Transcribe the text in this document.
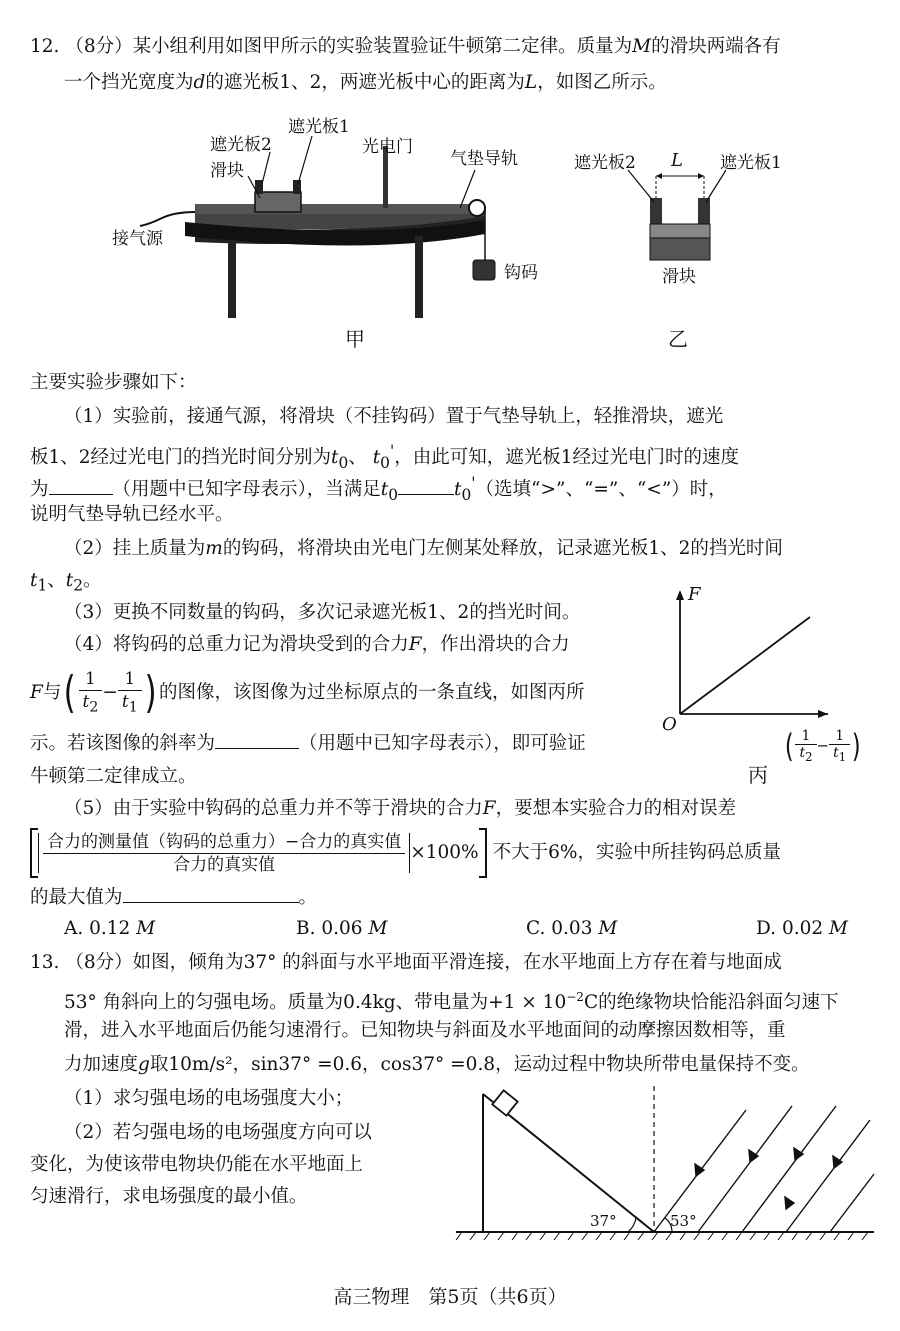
12. （8分）某小组利用如图甲所示的实验装置验证牛顿第二定律。质量为M的滑块两端各有
一个挡光宽度为d的遮光板1、2，两遮光板中心的距离为L，如图乙所示。
遮光板2
遮光板1
光电门
气垫导轨
滑块
接气源
钩码
甲
遮光板2	遮光板1
L
滑块
乙
主要实验步骤如下：
（1）实验前，接通气源，将滑块（不挂钩码）置于气垫导轨上，轻推滑块，遮光
板1、2经过光电门的挡光时间分别为$t_0$、 $t_0'$，由此可知，遮光板1经过光电门时的速度
为	（用题中已知字母表示），当满足$t_0$	$t_0'$（选填“>”、“=”、“<”）时，
说明气垫导轨已经水平。
（2）挂上质量为m的钩码，将滑块由光电门左侧某处释放，记录遮光板1、2的挡光时间
$t_1$、$t_2$。
（3）更换不同数量的钩码，多次记录遮光板1、2的挡光时间。
（4）将钩码的总重力记为滑块受到的合力F，作出滑块的合力
F与( $\frac{1}{t_2} - \frac{1}{t_1}$ ) 的图像，该图像为过坐标原点的一条直线，如图丙所
示。若该图像的斜率为	（用题中已知字母表示），即可验证
牛顿第二定律成立。
F
O
丙
( $\frac{1}{t_2} - \frac{1}{t_1}$ )
（5）由于实验中钩码的总重力并不等于滑块的合力F，要想本实验合力的相对误差
$\frac{\text{合力的测量值（钩码的总重力）−合力的真实值}}{\text{合力的真实值}} \times 100\%$ 不大于6%，实验中所挂钩码总质量
的最大值为	。
A. 0.12 M	B. 0.06 M	C. 0.03 M	D. 0.02 M
13. （8分）如图，倾角为37° 的斜面与水平地面平滑连接，在水平地面上方存在着与地面成
53° 角斜向上的匀强电场。质量为0.4kg、带电量为$+1 \times 10^{-2}C$的绝缘物块恰能沿斜面匀速下
滑，进入水平地面后仍能匀速滑行。已知物块与斜面及水平地面间的动摩擦因数相等，重
力加速度g取10m/s²，sin37° =0.6，cos37° =0.8，运动过程中物块所带电量保持不变。
（1）求匀强电场的电场强度大小；
（2）若匀强电场的电场强度方向可以
变化，为使该带电物块仍能在水平地面上
匀速滑行，求电场强度的最小值。
37°	53°
高三物理　第5页（共6页）
